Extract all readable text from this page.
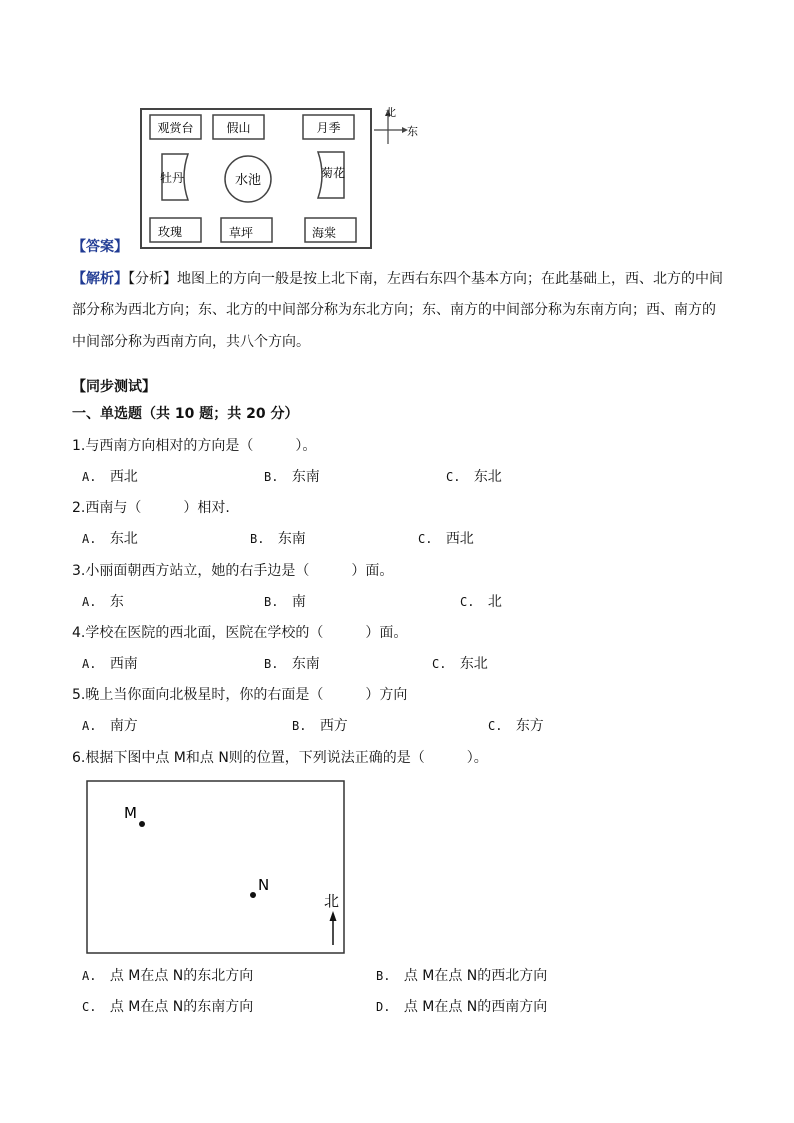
观赏台	假山	月季
牡丹	水池	菊花
玫瑰	草坪	海棠
北
东
【答案】
【解析】【分析】地图上的方向一般是按上北下南，左西右东四个基本方向；在此基础上，西、北方的中间
部分称为西北方向；东、北方的中间部分称为东北方向；东、南方的中间部分称为东南方向；西、南方的
中间部分称为西南方向，共八个方向。
【同步测试】
一、单选题（共 10 题；共 20 分）
1.与西南方向相对的方向是（　　　）。
A. 西北	B. 东南	C. 东北
2.西南与（　　　）相对.
A. 东北	B. 东南	C. 西北
3.小丽面朝西方站立，她的右手边是（　　　）面。
A. 东	B. 南	C. 北
4.学校在医院的西北面，医院在学校的（　　　）面。
A. 西南	B. 东南	C. 东北
5.晚上当你面向北极星时，你的右面是（　　　）方向
A. 南方	B. 西方	C. 东方
6.根据下图中点 M和点 N则的位置，下列说法正确的是（　　　）。
M
N
北
A. 点 M在点 N的东北方向	B. 点 M在点 N的西北方向
C. 点 M在点 N的东南方向	D. 点 M在点 N的西南方向
